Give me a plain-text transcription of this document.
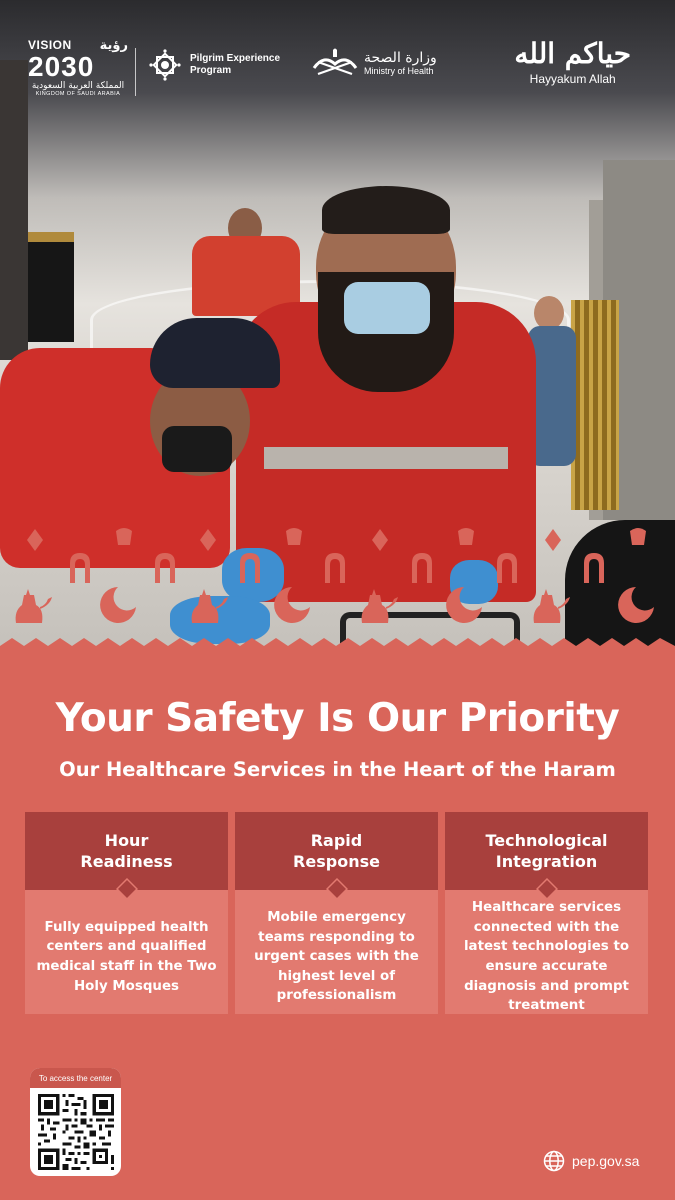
VISION رؤية
2030
المملكة العربية السعودية
KINGDOM OF SAUDI ARABIA
Pilgrim Experience Program
وزارة الصحة
Ministry of Health
حياكم الله
Hayyakum Allah
Your Safety Is Our Priority
Our Healthcare Services in the Heart of the Haram
Hour Readiness
Fully equipped health centers and qualified medical staff in the Two Holy Mosques
Rapid Response
Mobile emergency teams responding to urgent cases with the highest level of professionalism
Technological Integration
Healthcare services connected with the latest technologies to ensure accurate diagnosis and prompt treatment
To access the center
pep.gov.sa
